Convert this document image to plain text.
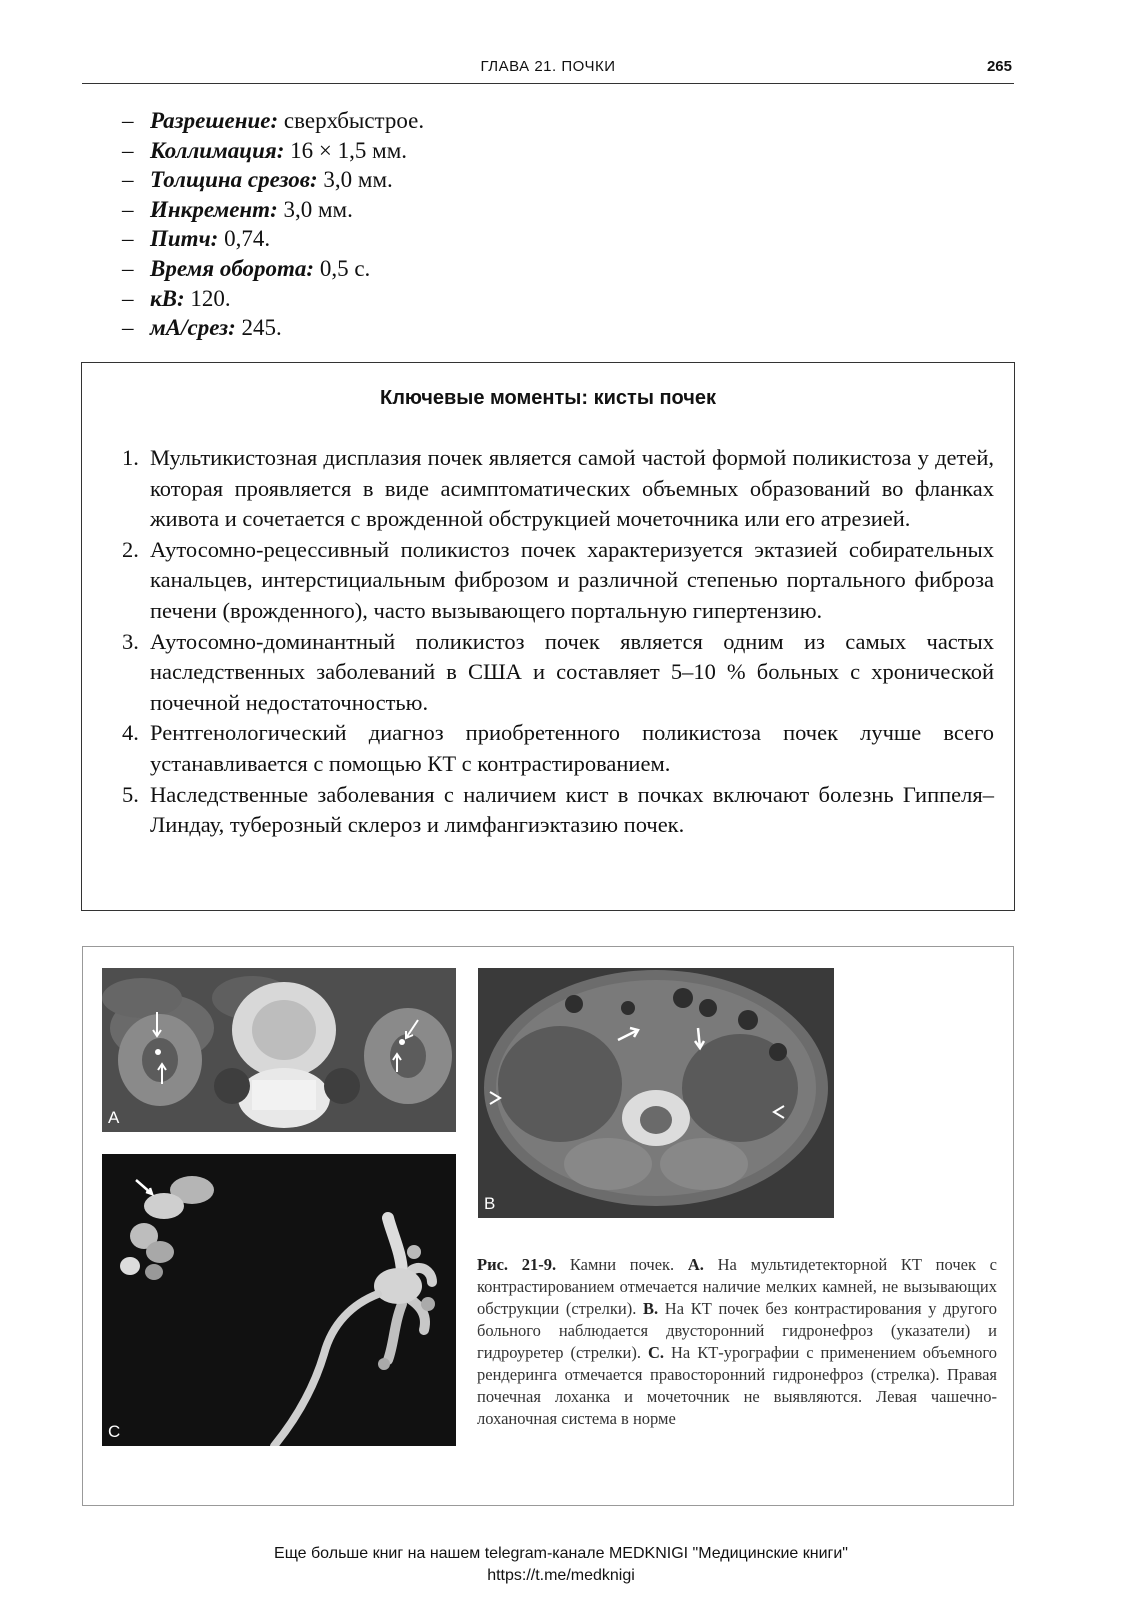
ГЛАВА 21. ПОЧКИ	265
– Разрешение: сверхбыстрое.
– Коллимация: 16 × 1,5 мм.
– Толщина срезов: 3,0 мм.
– Инкремент: 3,0 мм.
– Питч: 0,74.
– Время оборота: 0,5 с.
– кВ: 120.
– мА/срез: 245.
Ключевые моменты: кисты почек
1. Мультикистозная дисплазия почек является самой частой формой поликистоза у детей, которая проявляется в виде асимптоматических объемных образований во фланках живота и сочетается с врожденной обструкцией мочеточника или его атрезией.
2. Аутосомно-рецессивный поликистоз почек характеризуется эктазией собирательных канальцев, интерстициальным фиброзом и различной степенью портального фиброза печени (врожденного), часто вызывающего портальную гипертензию.
3. Аутосомно-доминантный поликистоз почек является одним из самых частых наследственных заболеваний в США и составляет 5–10 % больных с хронической почечной недостаточностью.
4. Рентгенологический диагноз приобретенного поликистоза почек лучше всего устанавливается с помощью КТ с контрастированием.
5. Наследственные заболевания с наличием кист в почках включают болезнь Гиппеля–Линдау, туберозный склероз и лимфангиэктазию почек.
A
B
C

Рис. 21-9. Камни почек. A. На мультидетекторной КТ почек с контрастированием отмечается наличие мелких камней, не вызывающих обструкции (стрелки). B. На КТ почек без контрастирования у другого больного наблюдается двусторонний гидронефроз (указатели) и гидроуретер (стрелки). C. На КТ-урографии с применением объемного рендеринга отмечается правосторонний гидронефроз (стрелка). Правая почечная лоханка и мочеточник не выявляются. Левая чашечно-лоханочная система в норме

Еще больше книг на нашем telegram-канале MEDKNIGI "Медицинские книги"
https://t.me/medknigi
